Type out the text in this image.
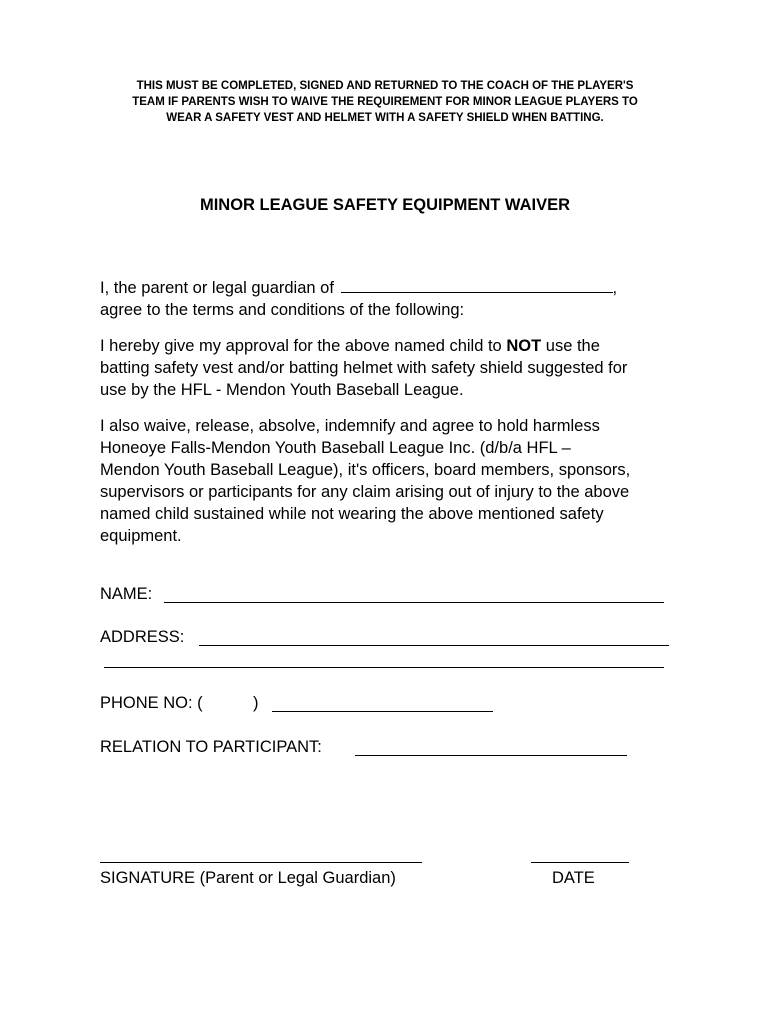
THIS MUST BE COMPLETED, SIGNED AND RETURNED TO THE COACH OF THE PLAYER'S
TEAM IF PARENTS WISH TO WAIVE THE REQUIREMENT FOR MINOR LEAGUE PLAYERS TO
WEAR A SAFETY VEST AND HELMET WITH A SAFETY SHIELD WHEN BATTING.
MINOR LEAGUE SAFETY EQUIPMENT WAIVER
I, the parent or legal guardian of	,
agree to the terms and conditions of the following:
I hereby give my approval for the above named child to NOT use the
batting safety vest and/or batting helmet with safety shield suggested for
use by the HFL - Mendon Youth Baseball League.
I also waive, release, absolve, indemnify and agree to hold harmless
Honeoye Falls-Mendon Youth Baseball League Inc. (d/b/a HFL –
Mendon Youth Baseball League), it's officers, board members, sponsors,
supervisors or participants for any claim arising out of injury to the above
named child sustained while not wearing the above mentioned safety
equipment.
NAME:
ADDRESS:
PHONE NO: (	)
RELATION TO PARTICIPANT:
SIGNATURE (Parent or Legal Guardian)	DATE
